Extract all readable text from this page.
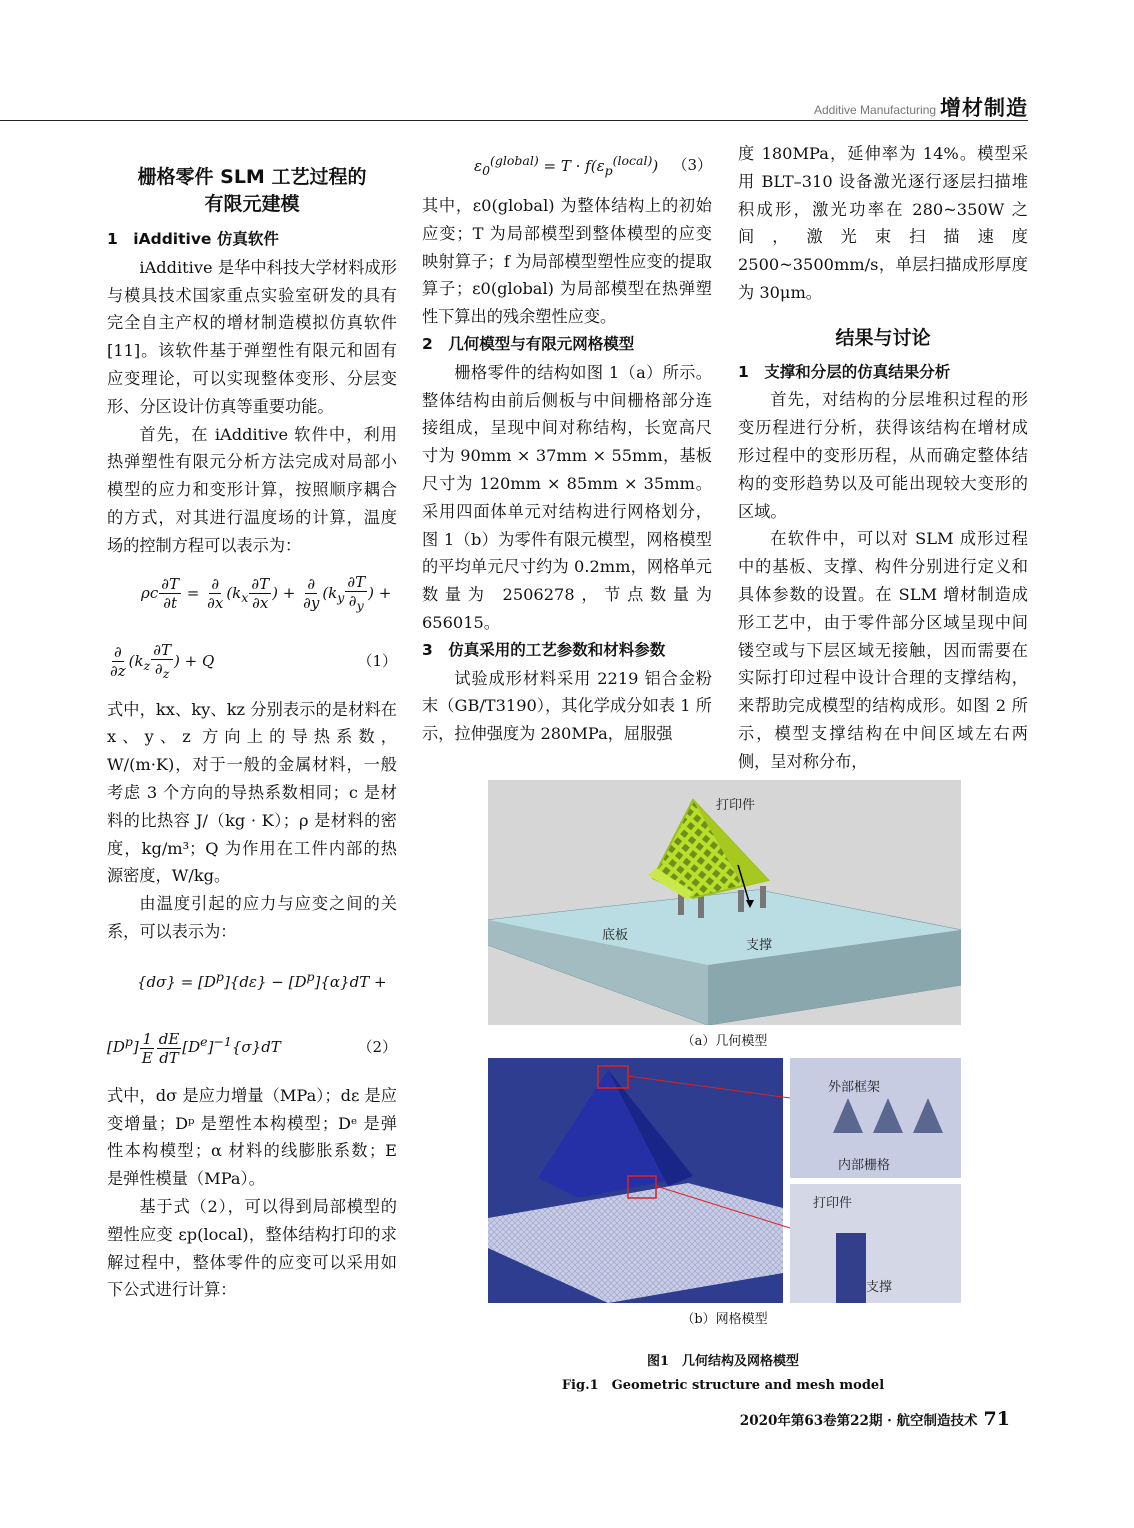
Additive Manufacturing 增材制造
栅格零件 SLM 工艺过程的
有限元建模
1　iAdditive 仿真软件

iAdditive 是华中科技大学材料成形与模具技术国家重点实验室研发的具有完全自主产权的增材制造模拟仿真软件[11]。该软件基于弹塑性有限元和固有应变理论，可以实现整体变形、分层变形、分区设计仿真等重要功能。

首先，在 iAdditive 软件中，利用热弹塑性有限元分析方法完成对局部小模型的应力和变形计算，按照顺序耦合的方式，对其进行温度场的计算，温度场的控制方程可以表示为：

ρc $\frac{\partial T}{\partial t} = \frac{\partial}{\partial x} (k_x \frac{\partial T}{\partial x}$ ) + $\frac{\partial}{\partial y} (k_y \frac{\partial T}{\partial_y}$ ) +
$\frac{\partial}{\partial z} (k_z \frac{\partial T}{\partial_z}$ ) + Q	（1）

式中，kx、ky、kz 分别表示的是材料在 x、y、z 方向上的导热系数，W/(m·K)，对于一般的金属材料，一般考虑 3 个方向的导热系数相同；c 是材料的比热容 J/（kg · K）；ρ 是材料的密度，kg/m³；Q 为作用在工件内部的热源密度，W/kg。

由温度引起的应力与应变之间的关系，可以表示为：

$\{d\sigma\} = [D^p]\{d\varepsilon\} - [D^p]\{\alpha\}dT$ +
$[D^p] \frac{1}{E} \frac{dE}{dT} [De]^{-1}\{\sigma\}dT$	（2）

式中，dσ 是应力增量（MPa）；dε 是应变增量；Dᵖ 是塑性本构模型；Dᵉ 是弹性本构模型；α 材料的线膨胀系数；E 是弹性模量（MPa）。

基于式（2），可以得到局部模型的塑性应变 εp(local)，整体结构打印的求解过程中，整体零件的应变可以采用如下公式进行计算：

$\varepsilon_0^{(global)} = T \cdot f(\varepsilon_p^{(local)})$ （3）

其中，ε0(global) 为整体结构上的初始应变；T 为局部模型到整体模型的应变映射算子；f 为局部模型塑性应变的提取算子；ε0(global) 为局部模型在热弹塑性下算出的残余塑性应变。

2　几何模型与有限元网格模型

栅格零件的结构如图 1（a）所示。整体结构由前后侧板与中间栅格部分连接组成，呈现中间对称结构，长宽高尺寸为 90mm × 37mm × 55mm，基板尺寸为 120mm × 85mm × 35mm。采用四面体单元对结构进行网格划分，图 1（b）为零件有限元模型，网格模型的平均单元尺寸约为 0.2mm，网格单元数量为 2506278，节点数量为 656015。

3　仿真采用的工艺参数和材料参数

试验成形材料采用 2219 铝合金粉末（GB/T3190），其化学成分如表 1 所示，拉伸强度为 280MPa，屈服强

度 180MPa，延伸率为 14%。模型采用 BLT–310 设备激光逐行逐层扫描堆积成形，激光功率在 280~350W 之间，激光束扫描速度 2500~3500mm/s，单层扫描成形厚度为 30μm。

结果与讨论
1　支撑和分层的仿真结果分析

首先，对结构的分层堆积过程的形变历程进行分析，获得该结构在增材成形过程中的变形历程，从而确定整体结构的变形趋势以及可能出现较大变形的区域。

在软件中，可以对 SLM 成形过程中的基板、支撑、构件分别进行定义和具体参数的设置。在 SLM 增材制造成形工艺中，由于零件部分区域呈现中间镂空或与下层区域无接触，因而需要在实际打印过程中设计合理的支撑结构，来帮助完成模型的结构成形。如图 2 所示，模型支撑结构在中间区域左右两侧，呈对称分布，

打印件
底板
支撑
（a）几何模型
外部框架
内部栅格
打印件
支撑
（b）网格模型
图1　几何结构及网格模型
Fig.1　Geometric structure and mesh model
2020年第63卷第22期 · 航空制造技术 71
